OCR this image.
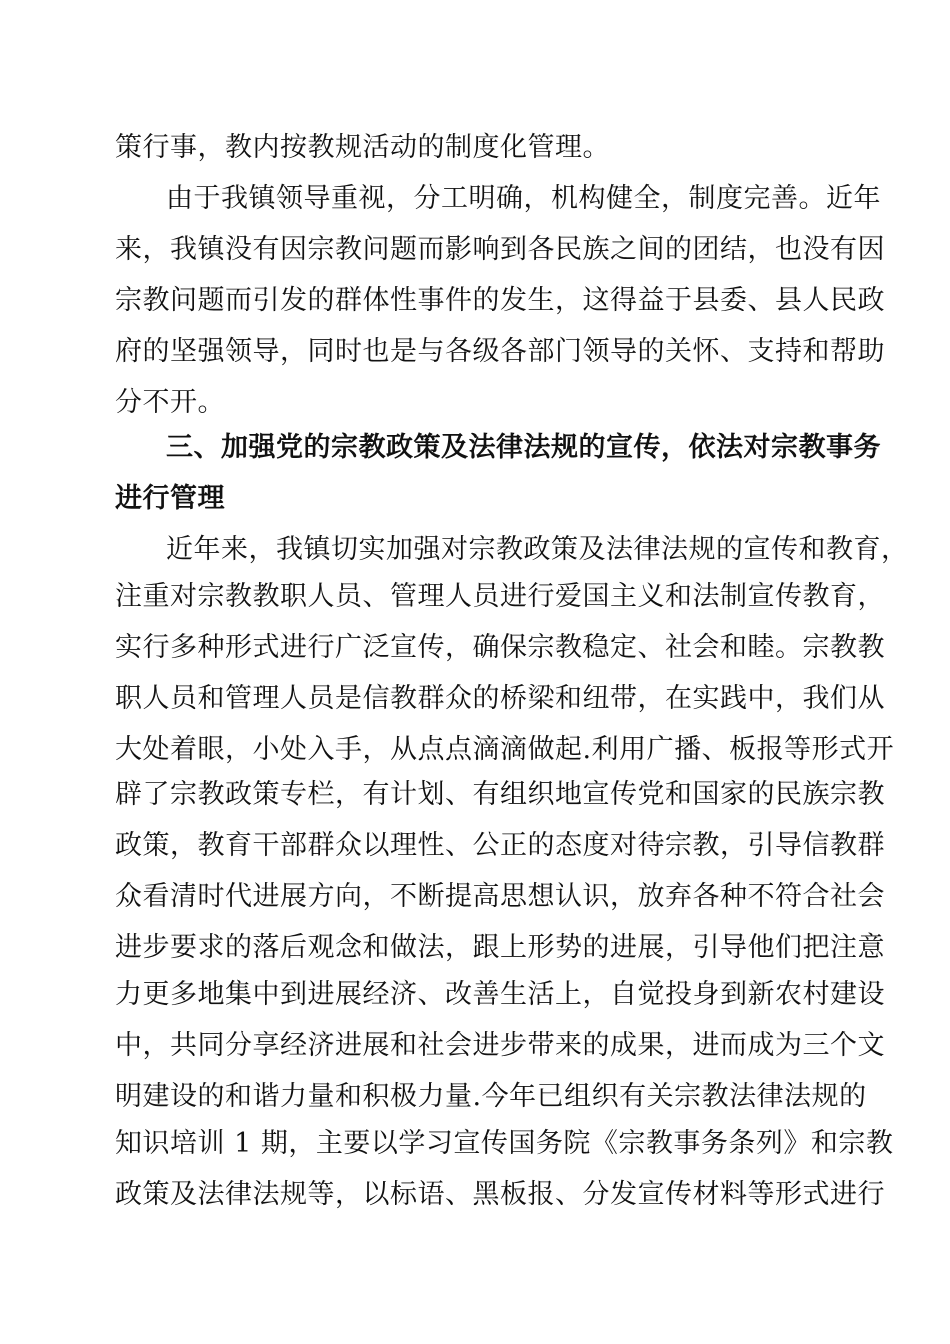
策行事，教内按教规活动的制度化管理。
由于我镇领导重视，分工明确，机构健全，制度完善。近年
来，我镇没有因宗教问题而影响到各民族之间的团结，也没有因
宗教问题而引发的群体性事件的发生，这得益于县委、县人民政
府的坚强领导，同时也是与各级各部门领导的关怀、支持和帮助
分不开。
三、加强党的宗教政策及法律法规的宣传，依法对宗教事务
进行管理
近年来，我镇切实加强对宗教政策及法律法规的宣传和教育，
注重对宗教教职人员、管理人员进行爱国主义和法制宣传教育，
实行多种形式进行广泛宣传，确保宗教稳定、社会和睦。宗教教
职人员和管理人员是信教群众的桥梁和纽带，在实践中，我们从
大处着眼，小处入手，从点点滴滴做起.利用广播、板报等形式开
辟了宗教政策专栏，有计划、有组织地宣传党和国家的民族宗教
政策，教育干部群众以理性、公正的态度对待宗教，引导信教群
众看清时代进展方向，不断提高思想认识，放弃各种不符合社会
进步要求的落后观念和做法，跟上形势的进展，引导他们把注意
力更多地集中到进展经济、改善生活上，自觉投身到新农村建设
中，共同分享经济进展和社会进步带来的成果，进而成为三个文
明建设的和谐力量和积极力量.今年已组织有关宗教法律法规的
知识培训 1 期，主要以学习宣传国务院《宗教事务条列》和宗教
政策及法律法规等，以标语、黑板报、分发宣传材料等形式进行
